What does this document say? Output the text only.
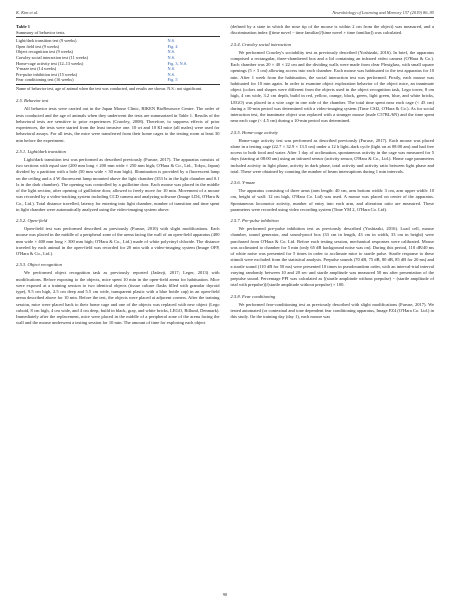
K. Kim et al.	Neurobiology of Learning and Memory 157 (2019) 86–95
Table 1
Summary of behavior tests.
Light/dark transition test (9 weeks)	N.S.
Open field test (9 weeks)	Fig. 4
Object recognition test (9 weeks)	N.S.
Crawley social interaction test (11 weeks)	N.S.
Home-cage activity test (12–13 weeks)	Fig. 3, N.S.
Y-maze test (14 weeks)	N.S.
Pre-pulse inhibition test (15 weeks)	N.S.
Fear conditioning test (16 weeks)	Fig. 5
Name of behavior test, age of animal when the test was conducted, and results are shown. N.S.: not significant.
2.5. Behavior test

All behavior tests were carried out in the Japan Mouse Clinic, RIKEN BioResource Centre. The order of tests conducted and the age of animals when they underwent the tests are summarized in Table 1. Results of the behavioral tests are sensitive to prior experiences (Crawley, 2008). Therefore, to suppress effects of prior experiences, the tests were started from the least invasive one. 10 wt and 10 KI mice (all males) were used for behavioral assays. For all tests, the mice were transferred from their home cages to the testing room at least 30 min before the experiment.

2.5.1. Light/dark transition

Light/dark transition test was performed as described previously (Furuse, 2017). The apparatus consists of two sections with equal size (200 mm long × 200 mm wide × 250 mm high; O'Hara & Co., Ltd., Tokyo, Japan) divided by a partition with a hole (50 mm wide × 30 mm high). Illumination is provided by a fluorescent lamp on the ceiling and a 4 W fluorescent lamp mounted above the light chamber (353 lx in the light chamber and 0.1 lx in the dark chamber). The opening was controlled by a guillotine door. Each mouse was placed in the middle of the light section, after opening of guillotine door, allowed to freely move for 10 min. Movement of a mouse was recorded by a video-tracking system including CCD camera and analyzing software (Image LD4, O'Hara & Co., Ltd.). Total distance travelled, latency for entering into light chamber, number of transition and time spent in light chamber were automatically analyzed using the video-imaging system above.

2.5.2. Open-field

Open-field test was performed described as previously (Furuse, 2010) with slight modifications. Each mouse was placed in the middle of a peripheral zone of the arena facing the wall of an open-field apparatus (400 mm wide × 400 mm long × 300 mm high; O'Hara & Co., Ltd.) made of white polyvinyl chloride. The distance traveled by each animal in the open-field was recorded for 20 min with a video-imaging system (Image OFP, O'Hara & Co., Ltd.).

2.5.3. Object recognition

We performed object recognition task as previously reported (Jadavji, 2017; Leger, 2013) with modifications. Before exposing to the objects, mice spent 10 min in the open-field arena for habituation. Mice were exposed at a training session to two identical objects (tissue culture flasks filled with granular thyroid type), 9.5 cm high, 2.5 cm deep and 5.5 cm wide, transparent plastic with a blue bottle cap) in an open-field arena described above for 10 min. Before the test, the objects were placed at adjacent corners. After the training session, mice were placed back to their home cage and one of the objects was replaced with new object (Lego cuboid, 8 cm high, 4 cm wide, and 4 cm deep, build in black, gray, and white bricks, LEGO, Billund, Denmark). Immediately after the replacement, mice were placed in the middle of a peripheral zone of the arena facing the wall and the mouse underwent a testing session for 10 min. The amount of time for exploring each object

(defined by a state in which the nose tip of the mouse is within 2 cm from the object) was measured, and a discrimination index ([time novel − time familiar]/[time novel + time familiar]) was calculated.

2.5.4. Crawley social interaction

We performed Crawley's sociability test as previously described (Yoshizaki, 2016). In brief, the apparatus comprised a rectangular, three-chambered box and a lid containing an infrared video camera (O'Hara & Co.). Each chamber was 20 × 40 × 22 cm and the dividing walls were made from clear Plexiglass, with small square openings (5 × 3 cm) allowing access into each chamber. Each mouse was habituated to the test apparatus for 10 min. After 1 week from the habituation, the social interaction test was performed. Firstly, each mouse was habituated for 10 min again. In order to examine object exploration behavior of the object mice, an inanimate object (colors and shapes were different from the objects used in the object recognition task, Lego tower, 8 cm high, 4 cm wide, 3.2 cm depth, build in red, yellow, orange, black, green, light green, blue, and white bricks, LEGO) was placed in a wire cage in one side of the chamber. The total time spent near each cage (< 45 cm) during a 10-min period was determined with a video-imaging system (Time CSI2, O'Hara & Co.). As for social interaction test, the inanimate object was replaced with a stranger mouse (male C57BL/6N) and the time spent near each cage (< 4.5 cm) during a 10-min period was determined.

2.5.5. Home-cage activity

Home-cage activity test was performed as described previously (Furuse, 2017). Each mouse was placed alone in a testing cage (22.7 × 32.9 × 13.5 cm) under a 12 h light–dark cycle (light on at 08:00 am) and had free access to both food and water. After 1 day of acclimation, spontaneous activity in the cage was measured for 5 days (starting at 08:00 am) using an infrared sensor (activity sensor, O'Hara & Co., Ltd.). Home cage parameters included activity in light phase, activity in dark phase, total activity and activity ratio between light phase and total. These were obtained by counting the number of beam interruptions during 1 min intervals.

2.5.6. Y-maze

The apparatus consisting of three arms (arm length: 40 cm, arm bottom width: 3 cm, arm upper width: 10 cm, height of wall: 12 cm high, O'Hara Co. Ltd) was used. A mouse was placed on center of the apparatus. Spontaneous locomotor activity, number of entry into each arm, and alteration ratio are measured. These parameters were recorded using video recording system (Time YM 2, O'Hara Co. Ltd).

2.5.7. Pre-pulse inhibition

We performed pre-pulse inhibition test as previously described (Yoshizaki, 2016). Load cell, mouse chamber, sound generator, and sound-proof box (33 cm in length, 43 cm in width, 33 cm in height) were purchased from O'Hara & Co. Ltd. Before each testing session, mechanical responses were calibrated. Mouse was acclimated to chamber for 5 min (only 65 dB background noise was on). During this period, 110 dB/40 ms of white noise was presented for 5 times in order to acclimate mice to startle pulse. Startle response to these stimuli were excluded from the statistical analysis. Prepulse sounds (70 dB, 75 dB, 80 dB, 85 dB for 20 ms) and a startle sound (110 dB for 50 ms) were presented 10 times in pseudorandom order, with an interval-trial interval varying randomly between 10 and 20 sec and startle amplitude was measured 50 ms after presentation of the prepulse sound. Percentage PPI was calculated as [(startle amplitude without prepulse) − (startle amplitude of trial with prepulse)]/(startle amplitude without prepulse) × 100.

2.5.8. Fear conditioning

We performed fear-conditioning test as previously described with slight modifications (Furuse, 2017). We tested automated (or contextual and tone dependent fear conditioning apparatus, Image FZ4 (O'Hara Co. Ltd.) in this study. On the training day (day 1), each mouse was

90
